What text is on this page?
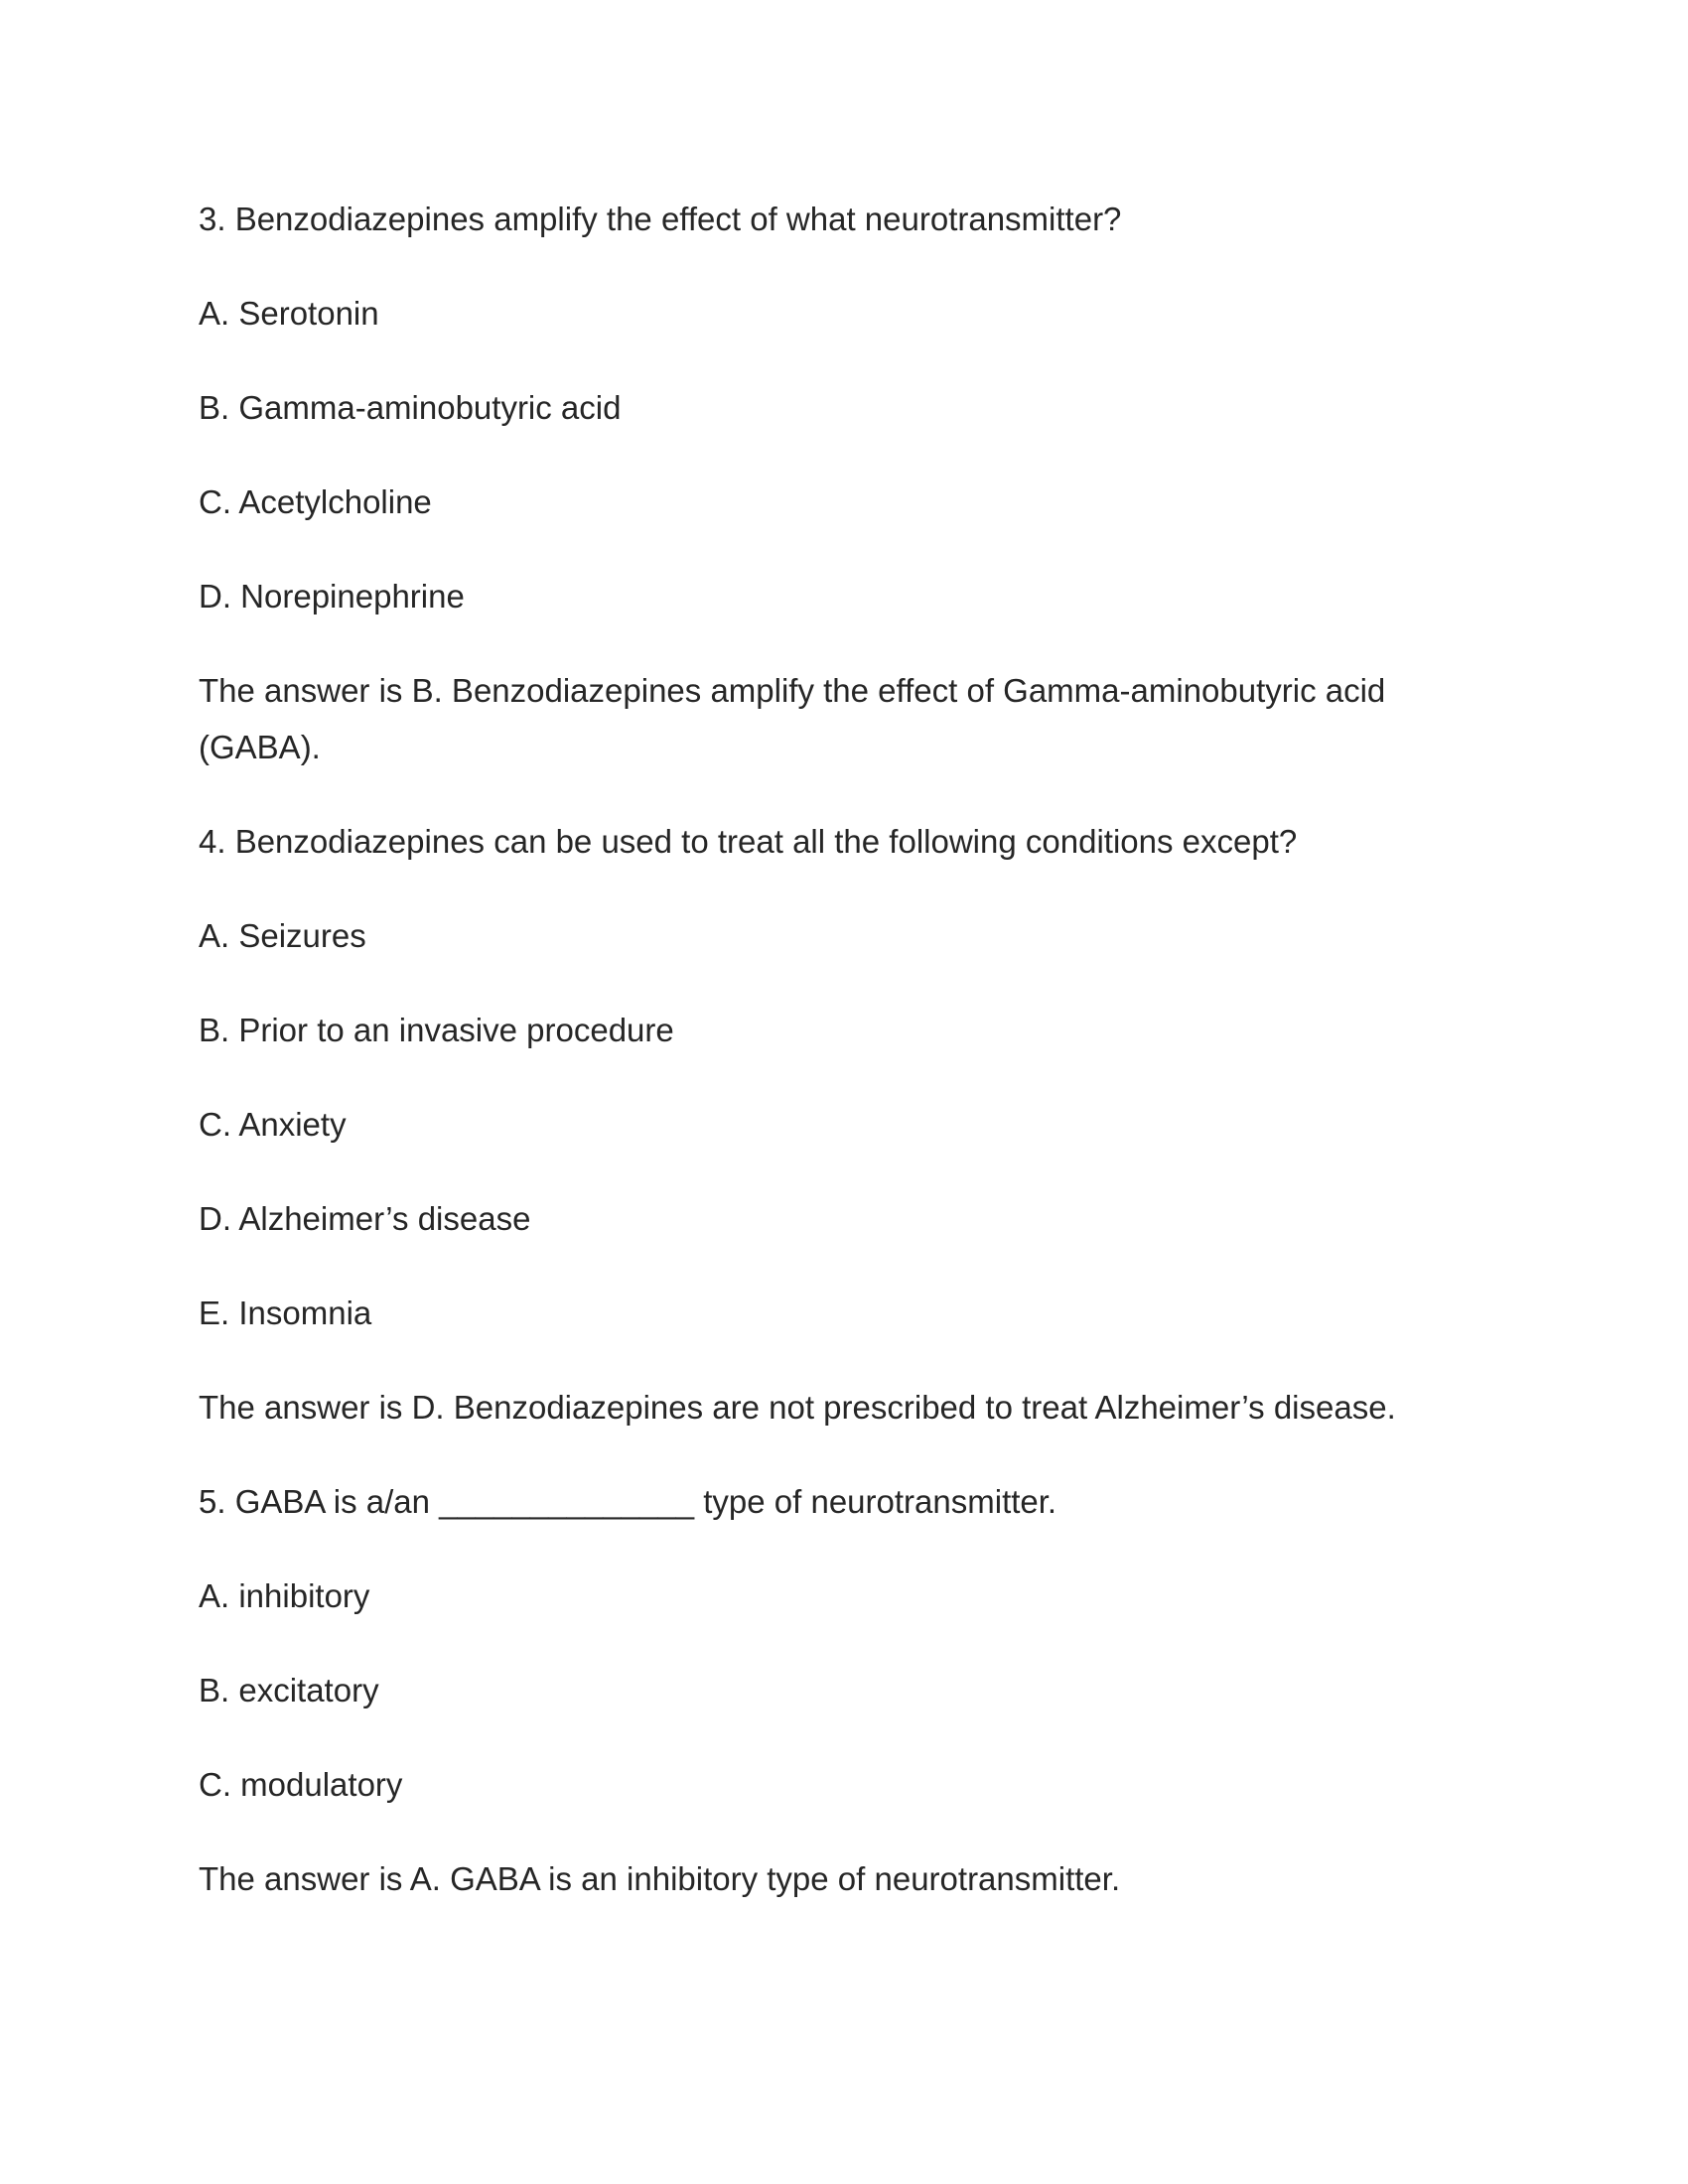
3. Benzodiazepines amplify the effect of what neurotransmitter?

A. Serotonin

B. Gamma-aminobutyric acid

C. Acetylcholine

D. Norepinephrine

The answer is B. Benzodiazepines amplify the effect of Gamma-aminobutyric acid
(GABA).

4. Benzodiazepines can be used to treat all the following conditions except?

A. Seizures

B. Prior to an invasive procedure

C. Anxiety

D. Alzheimer’s disease

E. Insomnia

The answer is D. Benzodiazepines are not prescribed to treat Alzheimer’s disease.

5. GABA is a/an ______________ type of neurotransmitter.

A. inhibitory

B. excitatory

C. modulatory

The answer is A. GABA is an inhibitory type of neurotransmitter.
